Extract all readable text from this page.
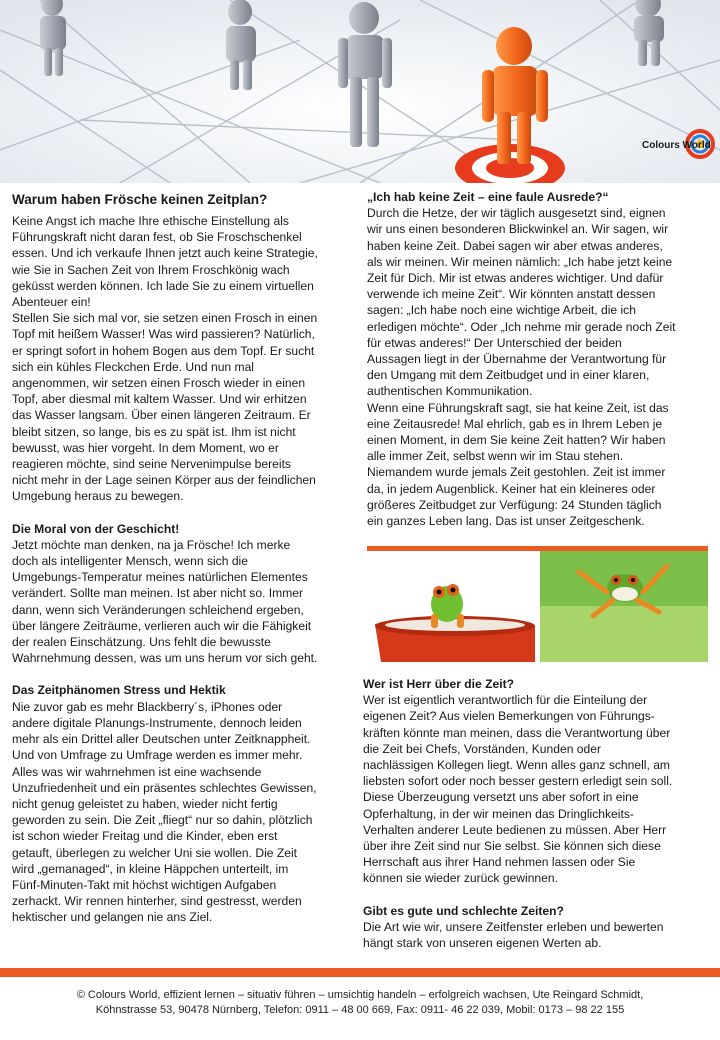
Colours World
Warum haben Frösche keinen Zeitplan?
Keine Angst ich mache Ihre ethische Einstellung als
Führungskraft nicht daran fest, ob Sie Froschschenkel
essen. Und ich verkaufe Ihnen jetzt auch keine Strategie,
wie Sie in Sachen Zeit von Ihrem Froschkönig wach
geküsst werden können. Ich lade Sie zu einem virtuellen
Abenteuer ein!
Stellen Sie sich mal vor, sie setzen einen Frosch in einen
Topf mit heißem Wasser! Was wird passieren? Natürlich,
er springt sofort in hohem Bogen aus dem Topf. Er sucht
sich ein kühles Fleckchen Erde. Und nun mal
angenommen, wir setzen einen Frosch wieder in einen
Topf, aber diesmal mit kaltem Wasser. Und wir erhitzen
das Wasser langsam. Über einen längeren Zeitraum. Er
bleibt sitzen, so lange, bis es zu spät ist. Ihm ist nicht
bewusst, was hier vorgeht. In dem Moment, wo er
reagieren möchte, sind seine Nervenimpulse bereits
nicht mehr in der Lage seinen Körper aus der feindlichen
Umgebung heraus zu bewegen.
Die Moral von der Geschicht!
Jetzt möchte man denken, na ja Frösche! Ich merke
doch als intelligenter Mensch, wenn sich die
Umgebungs-Temperatur meines natürlichen Elementes
verändert. Sollte man meinen. Ist aber nicht so. Immer
dann, wenn sich Veränderungen schleichend ergeben,
über längere Zeiträume, verlieren auch wir die Fähigkeit
der realen Einschätzung. Uns fehlt die bewusste
Wahrnehmung dessen, was um uns herum vor sich geht.
Das Zeitphänomen Stress und Hektik
Nie zuvor gab es mehr Blackberry´s, iPhones oder
andere digitale Planungs-Instrumente, dennoch leiden
mehr als ein Drittel aller Deutschen unter Zeitknappheit.
Und von Umfrage zu Umfrage werden es immer mehr.
Alles was wir wahrnehmen ist eine wachsende
Unzufriedenheit und ein präsentes schlechtes Gewissen,
nicht genug geleistet zu haben, wieder nicht fertig
geworden zu sein. Die Zeit „fliegt“ nur so dahin, plötzlich
ist schon wieder Freitag und die Kinder, eben erst
getauft, überlegen zu welcher Uni sie wollen. Die Zeit
wird „gemanaged“, in kleine Häppchen unterteilt, im
Fünf-Minuten-Takt mit höchst wichtigen Aufgaben
zerhackt. Wir rennen hinterher, sind gestresst, werden
hektischer und gelangen nie ans Ziel.
„Ich hab keine Zeit – eine faule Ausrede?“
Durch die Hetze, der wir täglich ausgesetzt sind, eignen
wir uns einen besonderen Blickwinkel an. Wir sagen, wir
haben keine Zeit. Dabei sagen wir aber etwas anderes,
als wir meinen. Wir meinen nämlich: „Ich habe jetzt keine
Zeit für Dich. Mir ist etwas anderes wichtiger. Und dafür
verwende ich meine Zeit“. Wir könnten anstatt dessen
sagen: „Ich habe noch eine wichtige Arbeit, die ich
erledigen möchte“. Oder „Ich nehme mir gerade noch Zeit
für etwas anderes!“ Der Unterschied der beiden
Aussagen liegt in der Übernahme der Verantwortung für
den Umgang mit dem Zeitbudget und in einer klaren,
authentischen Kommunikation.
Wenn eine Führungskraft sagt, sie hat keine Zeit, ist das
eine Zeitausrede! Mal ehrlich, gab es in Ihrem Leben je
einen Moment, in dem Sie keine Zeit hatten? Wir haben
alle immer Zeit, selbst wenn wir im Stau stehen.
Niemandem wurde jemals Zeit gestohlen. Zeit ist immer
da, in jedem Augenblick. Keiner hat ein kleineres oder
größeres Zeitbudget zur Verfügung: 24 Stunden täglich
ein ganzes Leben lang. Das ist unser Zeitgeschenk.
Wer ist Herr über die Zeit?
Wer ist eigentlich verantwortlich für die Einteilung der
eigenen Zeit? Aus vielen Bemerkungen von Führungs-
kräften könnte man meinen, dass die Verantwortung über
die Zeit bei Chefs, Vorständen, Kunden oder
nachlässigen Kollegen liegt. Wenn alles ganz schnell, am
liebsten sofort oder noch besser gestern erledigt sein soll.
Diese Überzeugung versetzt uns aber sofort in eine
Opferhaltung, in der wir meinen das Dringlichkeits-
Verhalten anderer Leute bedienen zu müssen. Aber Herr
über ihre Zeit sind nur Sie selbst. Sie können sich diese
Herrschaft aus ihrer Hand nehmen lassen oder Sie
können sie wieder zurück gewinnen.
Gibt es gute und schlechte Zeiten?
Die Art wie wir, unsere Zeitfenster erleben und bewerten
hängt stark von unseren eigenen Werten ab.
© Colours World, effizient lernen – situativ führen – umsichtig handeln – erfolgreich wachsen, Ute Reingard Schmidt,
Köhnstrasse 53, 90478 Nürnberg, Telefon: 0911 – 48 00 669, Fax: 0911- 46 22 039, Mobil: 0173 – 98 22 155
